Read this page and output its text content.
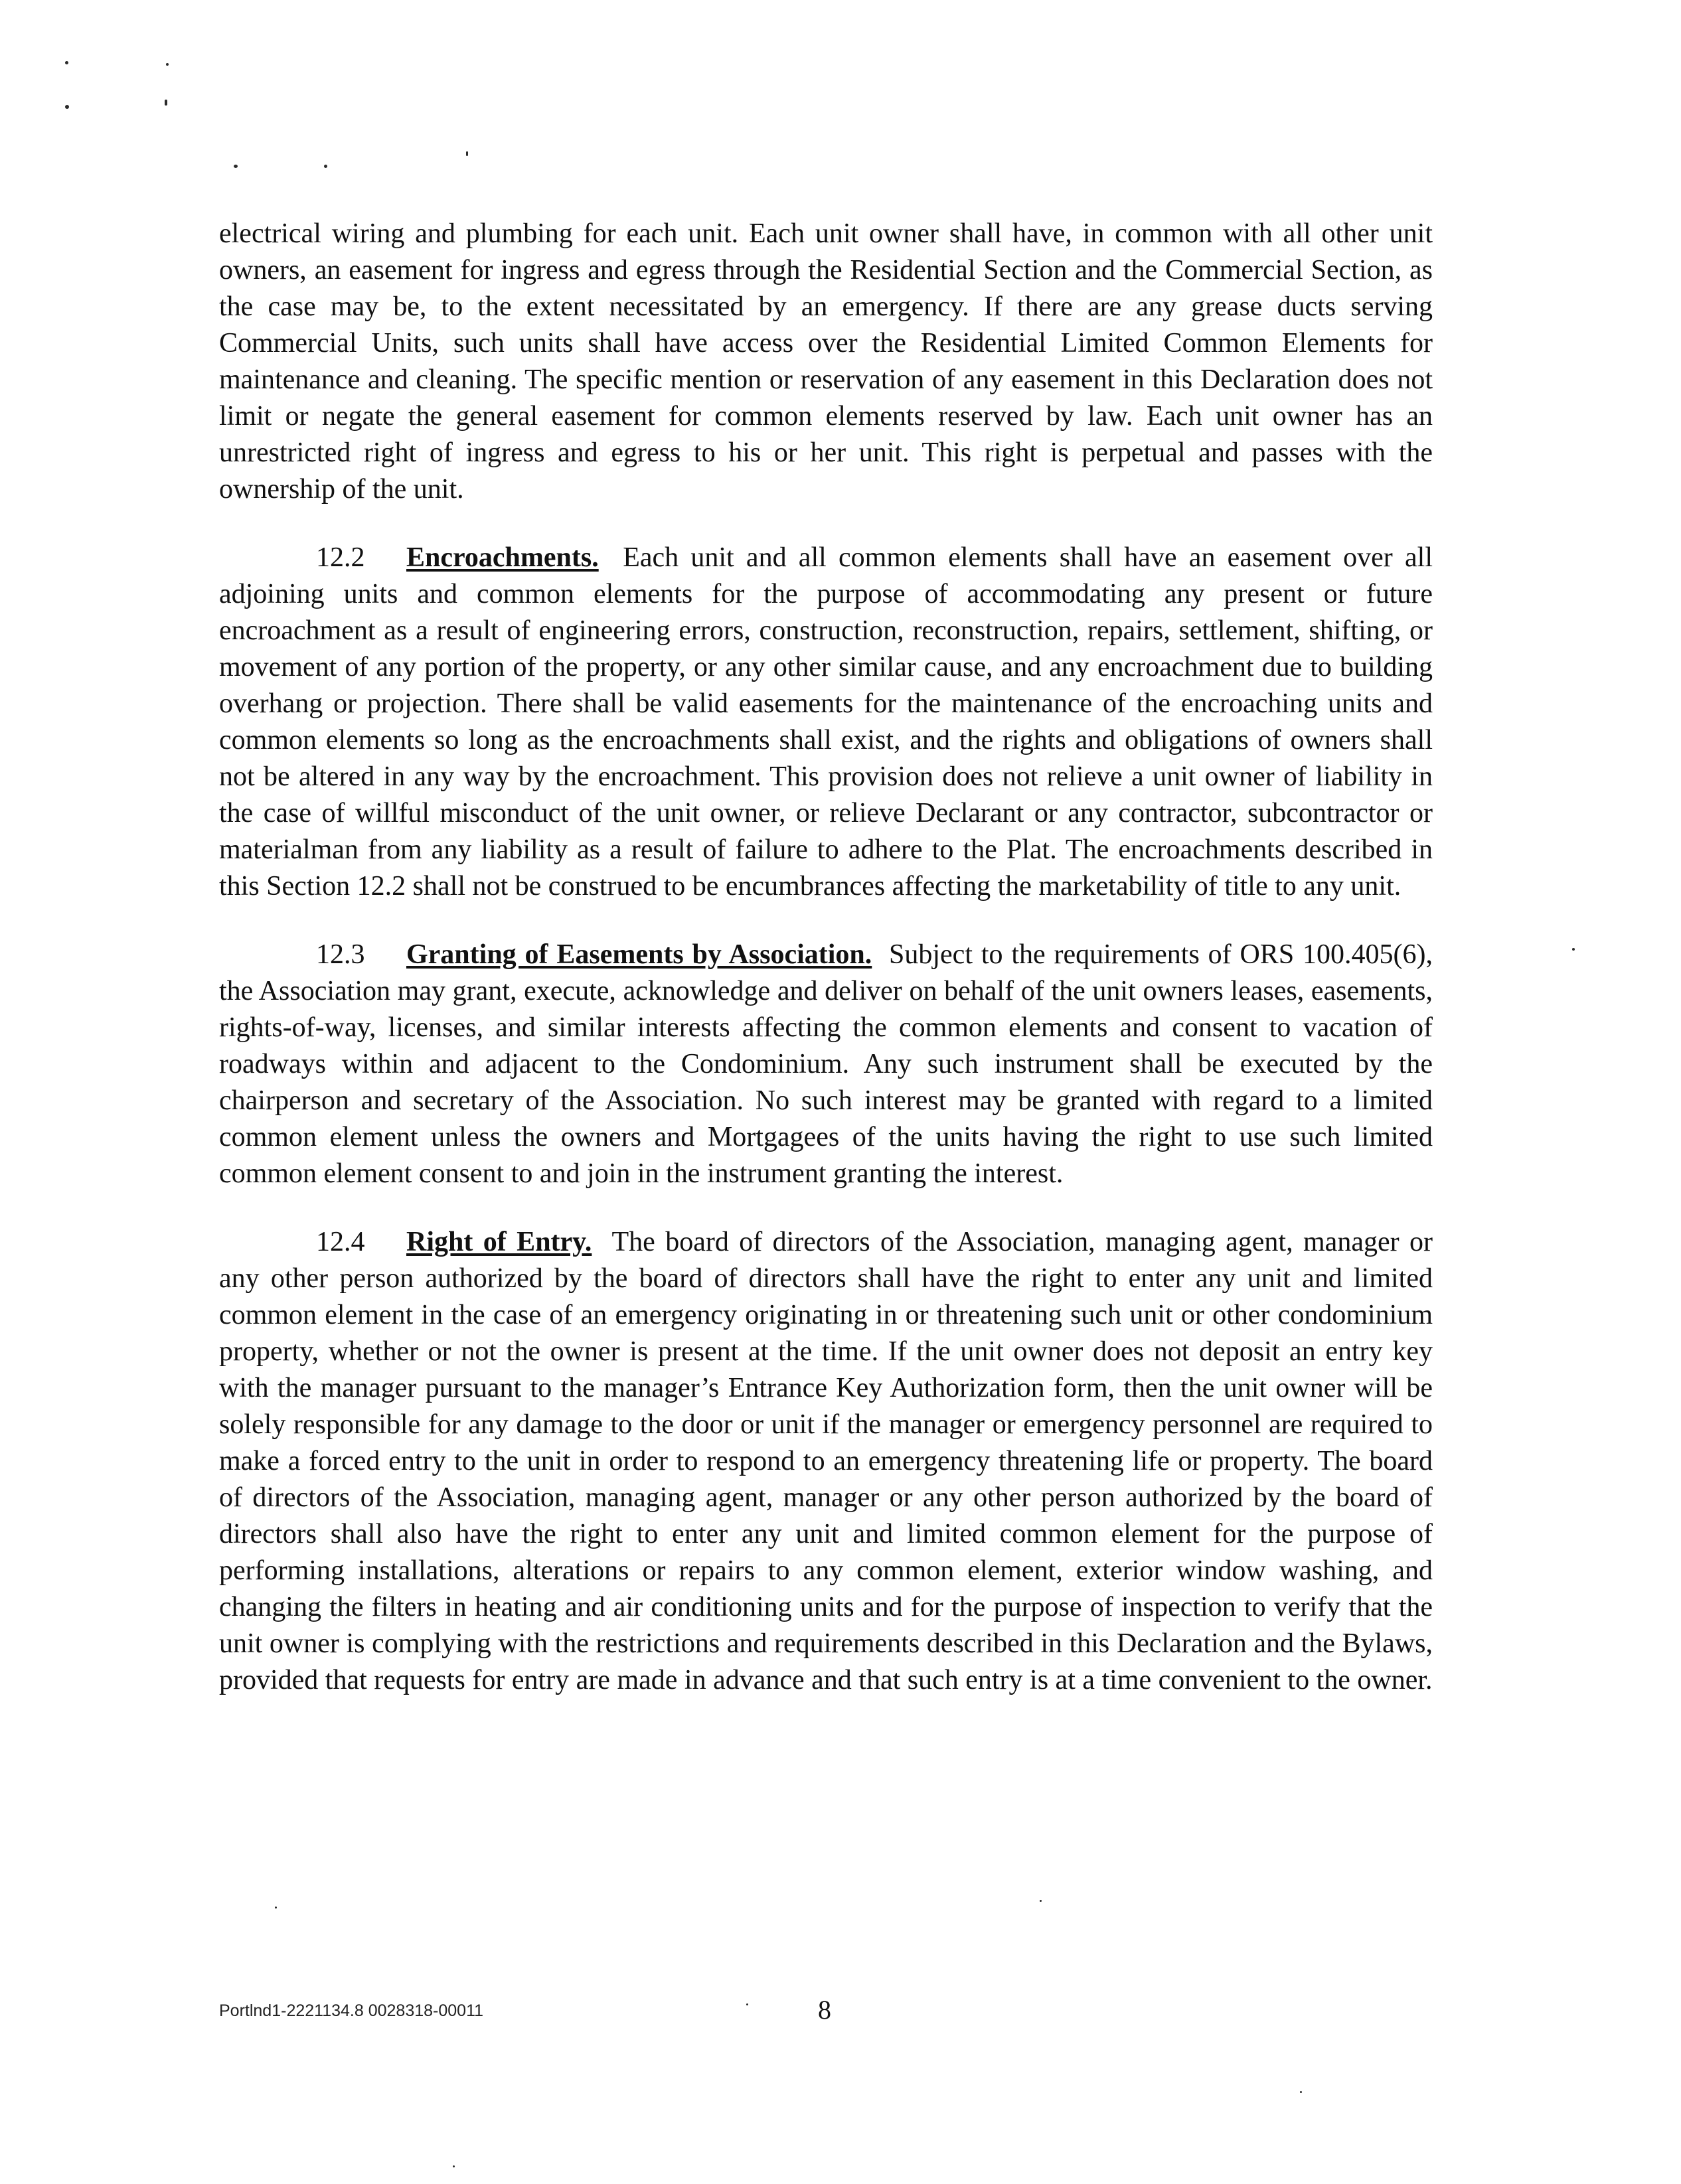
electrical wiring and plumbing for each unit. Each unit owner shall have, in common with all other unit owners, an easement for ingress and egress through the Residential Section and the Commercial Section, as the case may be, to the extent necessitated by an emergency. If there are any grease ducts serving Commercial Units, such units shall have access over the Residential Limited Common Elements for maintenance and cleaning. The specific mention or reservation of any easement in this Declaration does not limit or negate the general easement for common elements reserved by law. Each unit owner has an unrestricted right of ingress and egress to his or her unit. This right is perpetual and passes with the ownership of the unit.

12.2 Encroachments. Each unit and all common elements shall have an easement over all adjoining units and common elements for the purpose of accommodating any present or future encroachment as a result of engineering errors, construction, reconstruction, repairs, settlement, shifting, or movement of any portion of the property, or any other similar cause, and any encroachment due to building overhang or projection. There shall be valid easements for the maintenance of the encroaching units and common elements so long as the encroachments shall exist, and the rights and obligations of owners shall not be altered in any way by the encroachment. This provision does not relieve a unit owner of liability in the case of willful misconduct of the unit owner, or relieve Declarant or any contractor, subcontractor or materialman from any liability as a result of failure to adhere to the Plat. The encroachments described in this Section 12.2 shall not be construed to be encumbrances affecting the marketability of title to any unit.

12.3 Granting of Easements by Association. Subject to the requirements of ORS 100.405(6), the Association may grant, execute, acknowledge and deliver on behalf of the unit owners leases, easements, rights-of-way, licenses, and similar interests affecting the common elements and consent to vacation of roadways within and adjacent to the Condominium. Any such instrument shall be executed by the chairperson and secretary of the Association. No such interest may be granted with regard to a limited common element unless the owners and Mortgagees of the units having the right to use such limited common element consent to and join in the instrument granting the interest.

12.4 Right of Entry. The board of directors of the Association, managing agent, manager or any other person authorized by the board of directors shall have the right to enter any unit and limited common element in the case of an emergency originating in or threatening such unit or other condominium property, whether or not the owner is present at the time. If the unit owner does not deposit an entry key with the manager pursuant to the manager’s Entrance Key Authorization form, then the unit owner will be solely responsible for any damage to the door or unit if the manager or emergency personnel are required to make a forced entry to the unit in order to respond to an emergency threatening life or property. The board of directors of the Association, managing agent, manager or any other person authorized by the board of directors shall also have the right to enter any unit and limited common element for the purpose of performing installations, alterations or repairs to any common element, exterior window washing, and changing the filters in heating and air conditioning units and for the purpose of inspection to verify that the unit owner is complying with the restrictions and requirements described in this Declaration and the Bylaws, provided that requests for entry are made in advance and that such entry is at a time convenient to the owner.

Portlnd1-2221134.8 0028318-00011	8
